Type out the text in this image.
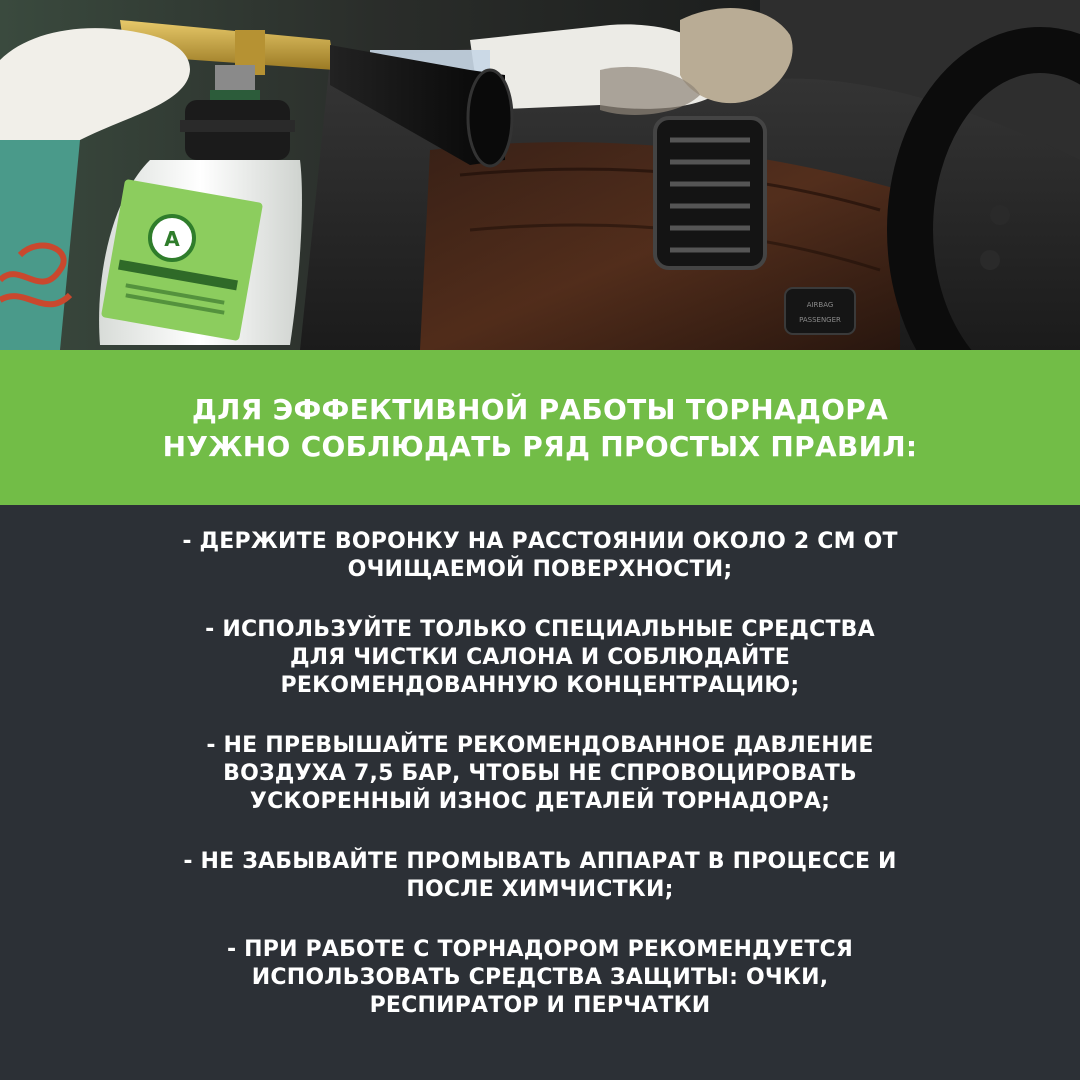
AIRBAG
PASSENGER
A
ДЛЯ ЭФФЕКТИВНОЙ РАБОТЫ ТОРНАДОРА НУЖНО СОБЛЮДАТЬ РЯД ПРОСТЫХ ПРАВИЛ:

- ДЕРЖИТЕ ВОРОНКУ НА РАССТОЯНИИ ОКОЛО 2 СМ ОТ ОЧИЩАЕМОЙ ПОВЕРХНОСТИ;

- ИСПОЛЬЗУЙТЕ ТОЛЬКО СПЕЦИАЛЬНЫЕ СРЕДСТВА ДЛЯ ЧИСТКИ САЛОНА И СОБЛЮДАЙТЕ РЕКОМЕНДОВАННУЮ КОНЦЕНТРАЦИЮ;

- НЕ ПРЕВЫШАЙТЕ РЕКОМЕНДОВАННОЕ ДАВЛЕНИЕ ВОЗДУХА 7,5 БАР, ЧТОБЫ НЕ СПРОВОЦИРОВАТЬ УСКОРЕННЫЙ ИЗНОС ДЕТАЛЕЙ ТОРНАДОРА;

- НЕ ЗАБЫВАЙТЕ ПРОМЫВАТЬ АППАРАТ В ПРОЦЕССЕ И ПОСЛЕ ХИМЧИСТКИ;

- ПРИ РАБОТЕ С ТОРНАДОРОМ РЕКОМЕНДУЕТСЯ ИСПОЛЬЗОВАТЬ СРЕДСТВА ЗАЩИТЫ: ОЧКИ, РЕСПИРАТОР И ПЕРЧАТКИ
